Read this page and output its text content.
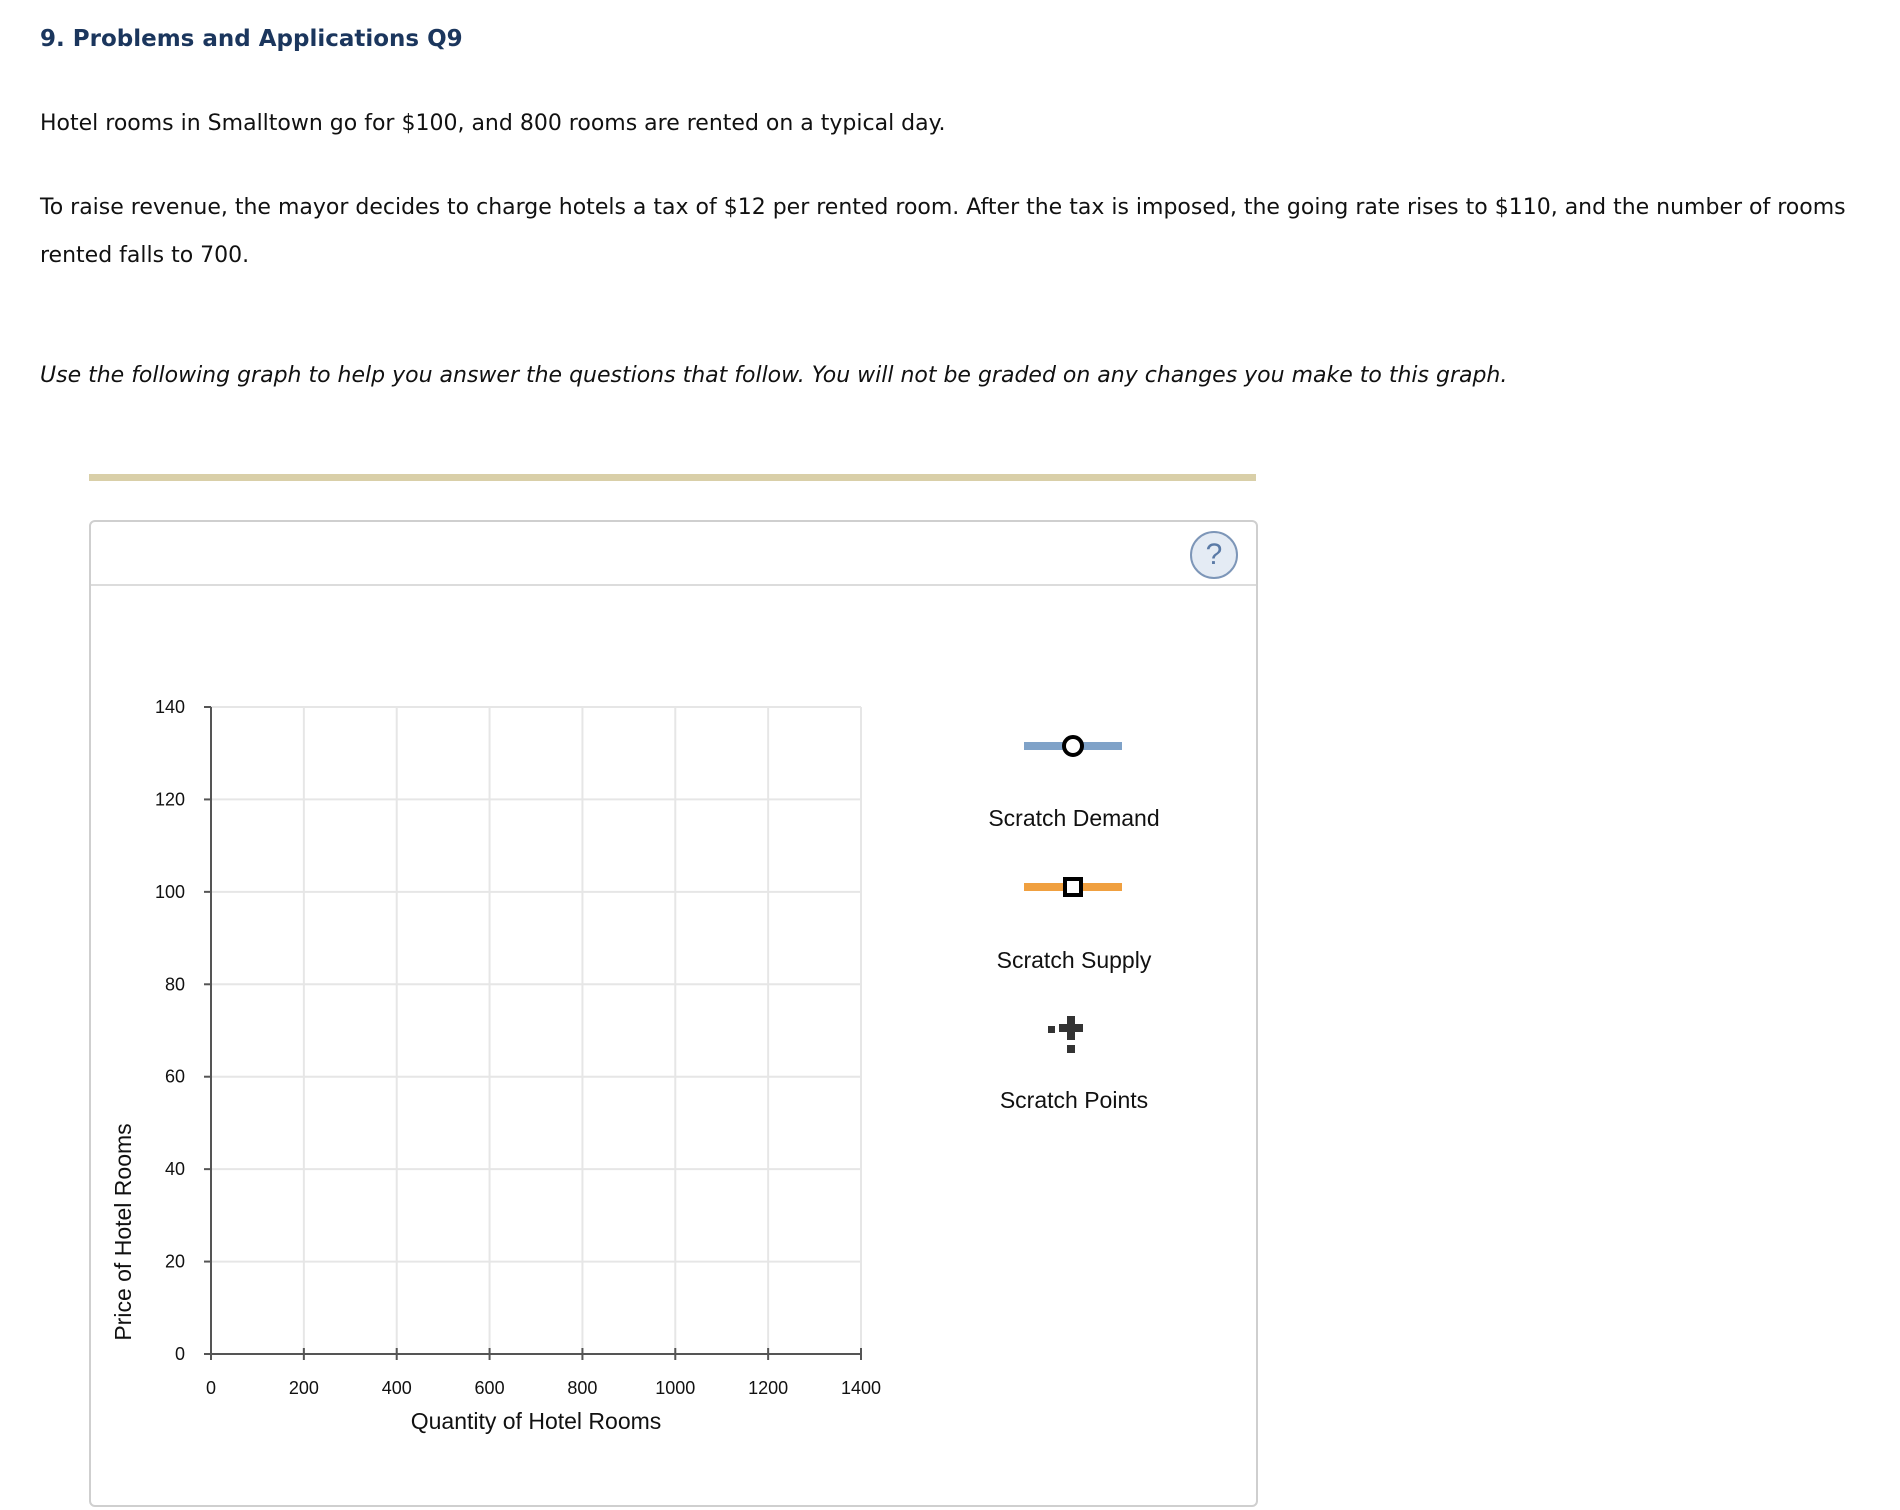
9. Problems and Applications Q9
Hotel rooms in Smalltown go for $100, and 800 rooms are rented on a typical day.
To raise revenue, the mayor decides to charge hotels a tax of $12 per rented room. After the tax is imposed, the going rate rises to $110, and the number of rooms rented falls to 700.
Use the following graph to help you answer the questions that follow. You will not be graded on any changes you make to this graph.
?
0	200	400	600	800	1000	1200	1400
0
20
40
60
80
100
120
140
Quantity of Hotel Rooms
Price of Hotel Rooms
Scratch Demand
Scratch Supply
Scratch Points
